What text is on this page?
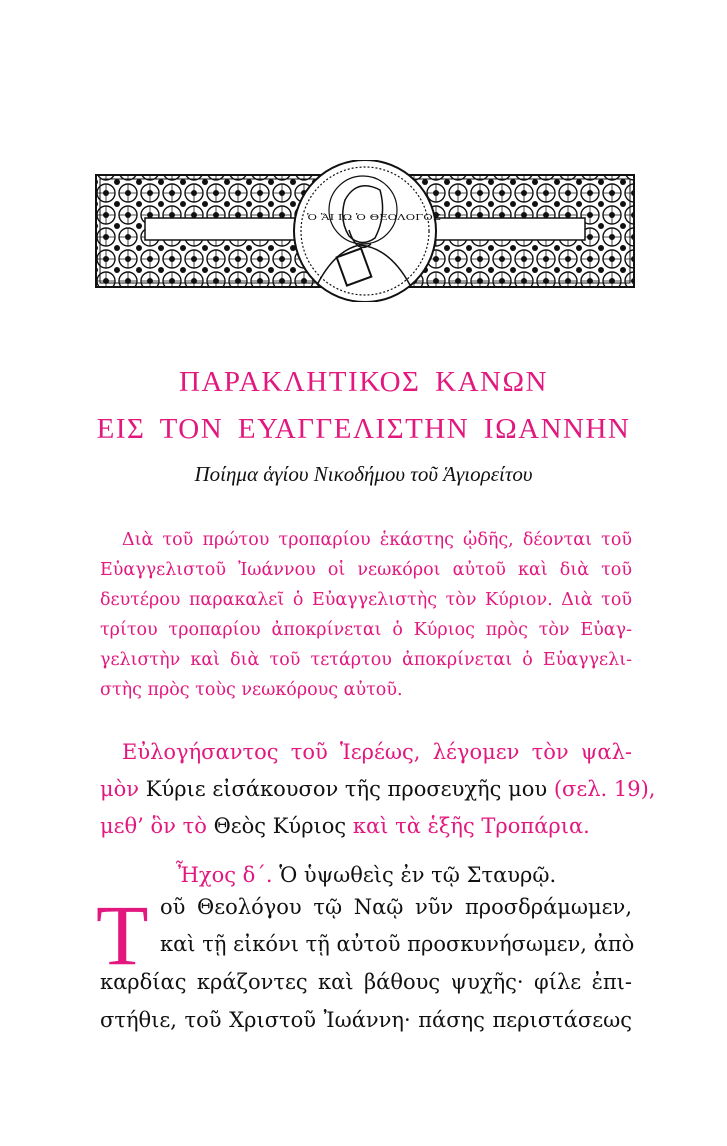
Ὁ ἍΙ ΙΩ Ὁ ΘΕΟΛΟΓΟΣ
ΠΑΡΑΚΛΗΤΙΚΟΣ ΚΑΝΩΝ
ΕΙΣ ΤΟΝ ΕΥΑΓΓΕΛΙΣΤΗΝ ΙΩΑΝΝΗΝ
Ποίημα ἁγίου Νικοδήμου τοῦ Ἁγιορείτου
Διὰ τοῦ πρώτου τροπαρίου ἑκάστης ᾠδῆς, δέονται τοῦ
Εὐαγγελιστοῦ Ἰωάννου οἱ νεωκόροι αὐτοῦ καὶ διὰ τοῦ
δευτέρου παρακαλεῖ ὁ Εὐαγγελιστὴς τὸν Κύριον. Διὰ τοῦ
τρίτου τροπαρίου ἀποκρίνεται ὁ Κύριος πρὸς τὸν Εὐαγ-
γελιστὴν καὶ διὰ τοῦ τετάρτου ἀποκρίνεται ὁ Εὐαγγελι-
στὴς πρὸς τοὺς νεωκόρους αὐτοῦ.
Εὐλογήσαντος τοῦ Ἱερέως, λέγομεν τὸν ψαλ-
μὸν Κύριε εἰσάκουσον τῆς προσευχῆς μου (σελ. 19),
μεθ’ ὃν τὸ Θεὸς Κύριος καὶ τὰ ἑξῆς Τροπάρια.
Ἦχος δ΄. Ὁ ὑψωθεὶς ἐν τῷ Σταυρῷ.
Τ οῦ Θεολόγου τῷ Ναῷ νῦν προσδράμωμεν,
καὶ τῇ εἰκόνι τῇ αὐτοῦ προσκυνήσωμεν, ἀπὸ
καρδίας κράζοντες καὶ βάθους ψυχῆς· φίλε ἐπι-
στήθιε, τοῦ Χριστοῦ Ἰωάννη· πάσης περιστάσεως
